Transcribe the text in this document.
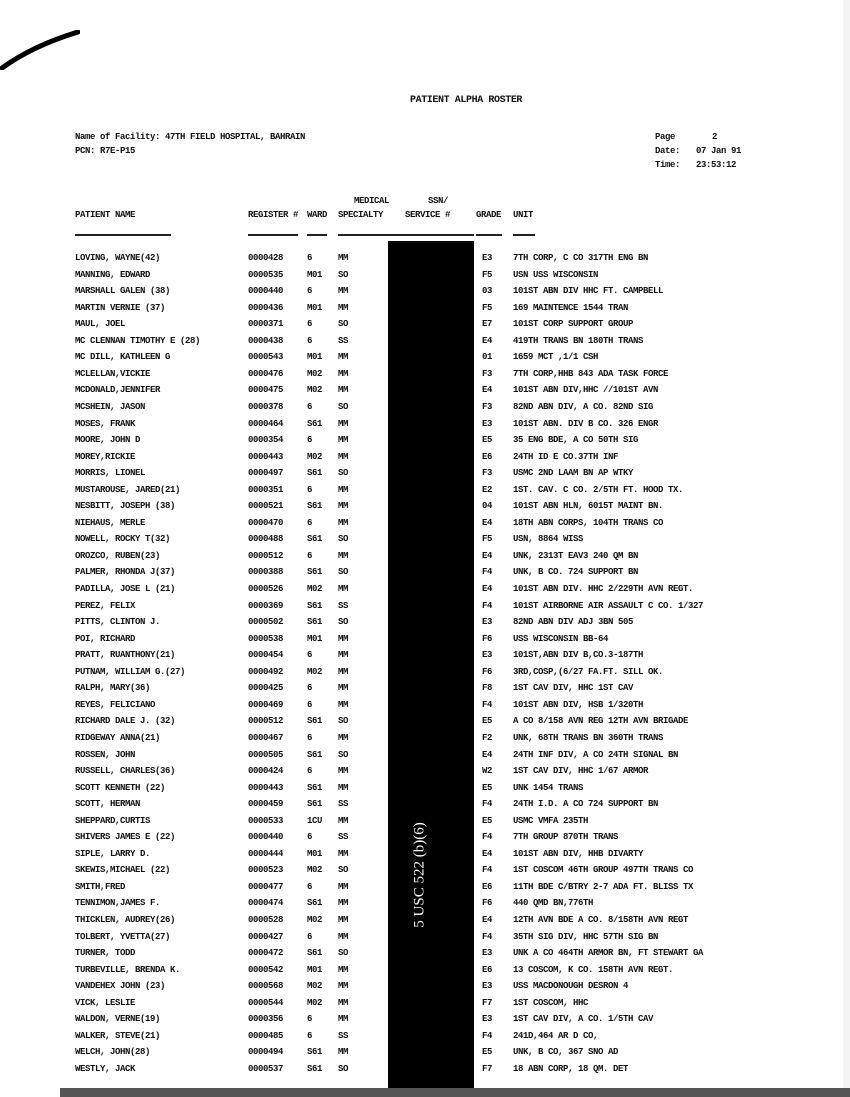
PATIENT ALPHA ROSTER
Name of Facility: 47TH FIELD HOSPITAL, BAHRAIN
PCN: R7E-P15
Page	2
Date: 07 Jan 91
Time: 23:53:12
MEDICAL	SSN/
PATIENT NAME	REGISTER # WARD SPECIALTY SERVICE #	GRADE UNIT
LOVING, WAYNE(42)	0000428	6	MM	E3 7TH CORP, C CO 317TH ENG BN
MANNING, EDWARD	0000535	M01 SO	F5 USN USS WISCONSIN
MARSHALL GALEN (38)	0000440	6	MM	03 101ST ABN DIV HHC FT. CAMPBELL
MARTIN VERNIE (37)	0000436	M01 MM	F5 169 MAINTENCE 1544 TRAN
MAUL, JOEL	0000371	6	SO	E7 101ST CORP SUPPORT GROUP
MC CLENNAN TIMOTHY E (28)	0000438	6	SS	E4 419TH TRANS BN 180TH TRANS
MC DILL, KATHLEEN G	0000543	M01 MM	01 1659 MCT ,1/1 CSH
MCLELLAN,VICKIE	0000476	M02 MM	F3 7TH CORP,HHB 843 ADA TASK FORCE
MCDONALD,JENNIFER	0000475	M02 MM	E4 101ST ABN DIV,HHC //101ST AVN
MCSHEIN, JASON	0000378	6	SO	F3 82ND ABN DIV, A CO. 82ND SIG
MOSES, FRANK	0000464	S61 MM	E3 101ST ABN. DIV B CO. 326 ENGR
MOORE, JOHN D	0000354	6	MM	E5 35 ENG BDE, A CO 50TH SIG
MOREY,RICKIE	0000443	M02 MM	E6 24TH ID E CO.37TH INF
MORRIS, LIONEL	0000497	S61 SO	F3 USMC 2ND LAAM BN AP WTKY
MUSTAROUSE, JARED(21)	0000351	6	MM	E2 1ST. CAV. C CO. 2/5TH FT. HOOD TX.
NESBITT, JOSEPH (38)	0000521	S61 MM	04 101ST ABN HLN, 6015T MAINT BN.
NIEHAUS, MERLE	0000470	6	MM	E4 18TH ABN CORPS, 104TH TRANS CO
NOWELL, ROCKY T(32)	0000488	S61 SO	F5 USN, 8864 WISS
OROZCO, RUBEN(23)	0000512	6	MM	E4 UNK, 2313T EAV3 240 QM BN
PALMER, RHONDA J(37)	0000388	S61 SO	F4 UNK, B CO. 724 SUPPORT BN
PADILLA, JOSE L (21)	0000526	M02 MM	E4 101ST ABN DIV. HHC 2/229TH AVN REGT.
PEREZ, FELIX	0000369	S61 SS	F4 101ST AIRBORNE AIR ASSAULT C CO. 1/327
PITTS, CLINTON J.	0000502	S61 SO	E3 82ND ABN DIV ADJ 3BN 505
POI, RICHARD	0000538	M01 MM	F6 USS WISCONSIN BB-64
PRATT, RUANTHONY(21)	0000454	6	MM	E3 101ST,ABN DIV B,CO.3-187TH
PUTNAM, WILLIAM G.(27)	0000492	M02 MM	F6 3RD,COSP,(6/27 FA.FT. SILL OK.
RALPH, MARY(36)	0000425	6	MM	F8 1ST CAV DIV, HHC 1ST CAV
REYES, FELICIANO	0000469	6	MM	F4 101ST ABN DIV, HSB 1/320TH
RICHARD DALE J. (32)	0000512	S61 SO	E5 A CO 8/158 AVN REG 12TH AVN BRIGADE
RIDGEWAY ANNA(21)	0000467	6	MM	F2 UNK, 68TH TRANS BN 360TH TRANS
ROSSEN, JOHN	0000505	S61 SO	E4 24TH INF DIV, A CO 24TH SIGNAL BN
RUSSELL, CHARLES(36)	0000424	6	MM	W2 1ST CAV DIV, HHC 1/67 ARMOR
SCOTT KENNETH (22)	0000443	S61 MM	E5 UNK 1454 TRANS
SCOTT, HERMAN	0000459	S61 SS	F4 24TH I.D. A CO 724 SUPPORT BN
SHEPPARD,CURTIS	0000533	1CU MM	E5 USMC VMFA 235TH
SHIVERS JAMES E (22)	0000440	6	SS	F4 7TH GROUP 870TH TRANS
SIPLE, LARRY D.	0000444	M01 MM	E4 101ST ABN DIV, HHB DIVARTY
SKEWIS,MICHAEL (22)	0000523	M02 SO	F4 1ST COSCOM 46TH GROUP 497TH TRANS CO
SMITH,FRED	0000477	6	MM	E6 11TH BDE C/BTRY 2-7 ADA FT. BLISS TX
TENNIMON,JAMES F.	0000474	S61 MM	F6 440 QMD BN,776TH
THICKLEN, AUDREY(26)	0000528	M02 MM	E4 12TH AVN BDE A CO. 8/158TH AVN REGT
TOLBERT, YVETTA(27)	0000427	6	MM	F4 35TH SIG DIV, HHC 57TH SIG BN
TURNER, TODD	0000472	S61 SO	E3 UNK A CO 464TH ARMOR BN, FT STEWART GA
TURBEVILLE, BRENDA K.	0000542	M01 MM	E6 13 COSCOM, K CO. 158TH AVN REGT.
VANDEHEX JOHN (23)	0000568	M02 MM	E3 USS MACDONOUGH DESRON 4
VICK, LESLIE	0000544	M02 MM	F7 1ST COSCOM, HHC
WALDON, VERNE(19)	0000356	6	MM	E3 1ST CAV DIV, A CO. 1/5TH CAV
WALKER, STEVE(21)	0000485	6	SS	F4 241D,464 AR D CO,
WELCH, JOHN(28)	0000494	S61 MM	E5 UNK, B CO, 367 SNO AD
WESTLY, JACK	0000537	S61 SO	F7 18 ABN CORP, 18 QM. DET
5 USC 522 (b)(6)
